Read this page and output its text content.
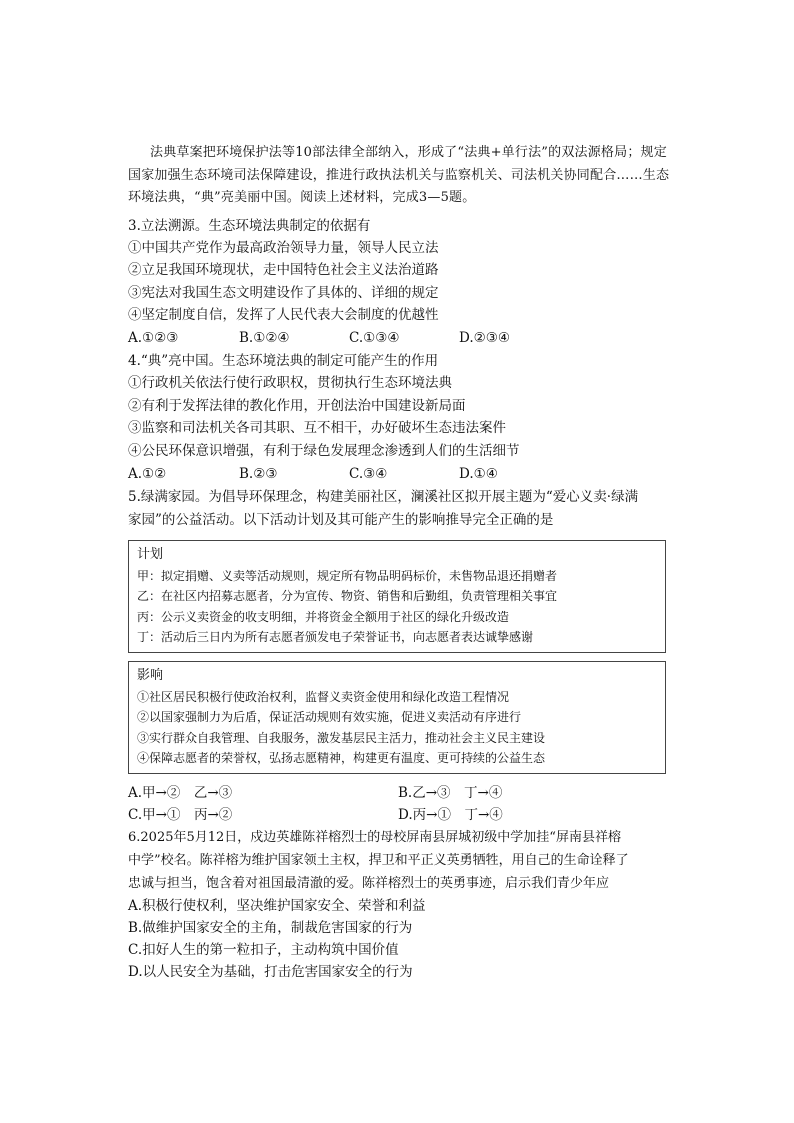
法典草案把环境保护法等10部法律全部纳入，形成了“法典+单行法”的双法源格局；规定国家加强生态环境司法保障建设，推进行政执法机关与监察机关、司法机关协同配合……生态环境法典，“典”亮美丽中国。阅读上述材料，完成3—5题。
3.立法溯源。生态环境法典制定的依据有
①中国共产党作为最高政治领导力量，领导人民立法
②立足我国环境现状，走中国特色社会主义法治道路
③宪法对我国生态文明建设作了具体的、详细的规定
④坚定制度自信，发挥了人民代表大会制度的优越性
A.①②③	B.①②④	C.①③④	D.②③④
4.“典”亮中国。生态环境法典的制定可能产生的作用
①行政机关依法行使行政职权，贯彻执行生态环境法典
②有利于发挥法律的教化作用，开创法治中国建设新局面
③监察和司法机关各司其职、互不相干，办好破坏生态违法案件
④公民环保意识增强，有利于绿色发展理念渗透到人们的生活细节
A.①②	B.②③	C.③④	D.①④
5.绿满家园。为倡导环保理念，构建美丽社区，澜溪社区拟开展主题为“爱心义卖·绿满
家园”的公益活动。以下活动计划及其可能产生的影响推导完全正确的是
计划
甲：拟定捐赠、义卖等活动规则，规定所有物品明码标价，未售物品退还捐赠者
乙：在社区内招募志愿者，分为宣传、物资、销售和后勤组，负责管理相关事宜
丙：公示义卖资金的收支明细，并将资金全额用于社区的绿化升级改造
丁：活动后三日内为所有志愿者颁发电子荣誉证书，向志愿者表达诚挚感谢
影响
①社区居民积极行使政治权利，监督义卖资金使用和绿化改造工程情况
②以国家强制力为后盾，保证活动规则有效实施，促进义卖活动有序进行
③实行群众自我管理、自我服务，激发基层民主活力，推动社会主义民主建设
④保障志愿者的荣誉权，弘扬志愿精神，构建更有温度、更可持续的公益生态
A.甲→②　乙→③	B.乙→③　丁→④
C.甲→①　丙→②	D.丙→①　丁→④
6.2025年5月12日，戍边英雄陈祥榕烈士的母校屏南县屏城初级中学加挂“屏南县祥榕
中学”校名。陈祥榕为维护国家领土主权，捍卫和平正义英勇牺牲，用自己的生命诠释了
忠诚与担当，饱含着对祖国最清澈的爱。陈祥榕烈士的英勇事迹，启示我们青少年应
A.积极行使权利，坚决维护国家安全、荣誉和利益
B.做维护国家安全的主角，制裁危害国家的行为
C.扣好人生的第一粒扣子，主动构筑中国价值
D.以人民安全为基础，打击危害国家安全的行为
